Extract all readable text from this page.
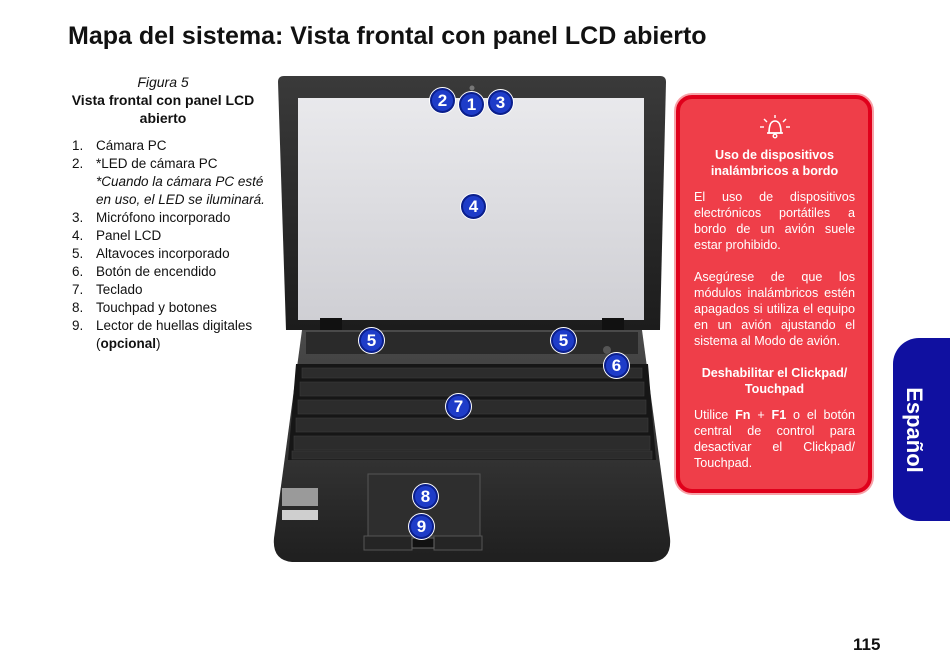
Mapa del sistema: Vista frontal con panel LCD abierto
Figura 5
Vista frontal con panel LCD abierto
1. Cámara PC
2. *LED de cámara PC
*Cuando la cámara PC esté en uso, el LED se iluminará.
3. Micrófono incorporado
4. Panel LCD
5. Altavoces incorporado
6. Botón de encendido
7. Teclado
8. Touchpad y botones
9. Lector de huellas digitales (opcional)
2	1	3
4
5	5
6
7
8
9
Uso de dispositivos inalámbricos a bordo

El uso de dispositivos electrónicos portátiles a bordo de un avión suele estar prohibido.

Asegúrese de que los módulos inalámbricos estén apagados si utiliza el equipo en un avión ajustando el sistema al Modo de avión.

Deshabilitar el Clickpad/ Touchpad

Utilice Fn + F1 o el botón central de control para desactivar el Clickpad/ Touchpad.	Español
115
